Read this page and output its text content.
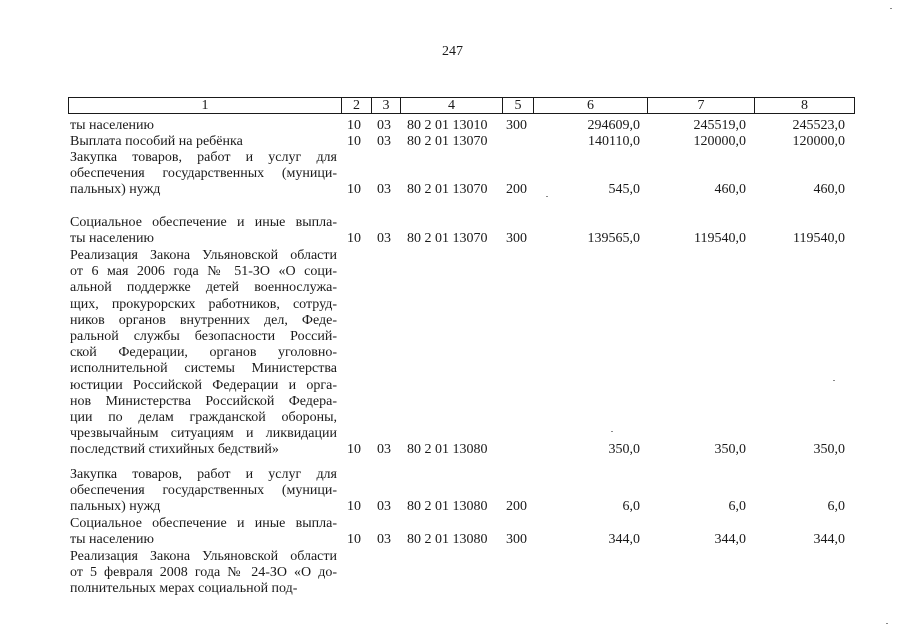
247
1	2	3	4	5	6	7	8
ты населению	10 03 80 2 01 13010 300	294609,0	245519,0	245523,0
Выплата пособий на ребёнка	10 03 80 2 01 13070	140110,0	120000,0	120000,0
Закупка товаров, работ и услуг для
обеспечения государственных (муници-
пальных) нужд	10 03 80 2 01 13070 200	545,0	460,0	460,0
Социальное обеспечение и иные выпла-
ты населению	10 03 80 2 01 13070 300	139565,0	119540,0	119540,0
Реализация Закона Ульяновской области
от 6 мая 2006 года № 51-ЗО «О соци-
альной поддержке детей военнослужа-
щих, прокурорских работников, сотруд-
ников органов внутренних дел, Феде-
ральной службы безопасности Россий-
ской Федерации, органов уголовно-
исполнительной системы Министерства
юстиции Российской Федерации и орга-
нов Министерства Российской Федера-
ции по делам гражданской обороны,
чрезвычайным ситуациям и ликвидации
последствий стихийных бедствий»	10 03 80 2 01 13080	350,0	350,0	350,0
Закупка товаров, работ и услуг для
обеспечения государственных (муници-
пальных) нужд	10 03 80 2 01 13080 200	6,0	6,0	6,0
Социальное обеспечение и иные выпла-
ты населению	10 03 80 2 01 13080 300	344,0	344,0	344,0
Реализация Закона Ульяновской области
от 5 февраля 2008 года № 24-ЗО «О до-
полнительных мерах социальной под-
